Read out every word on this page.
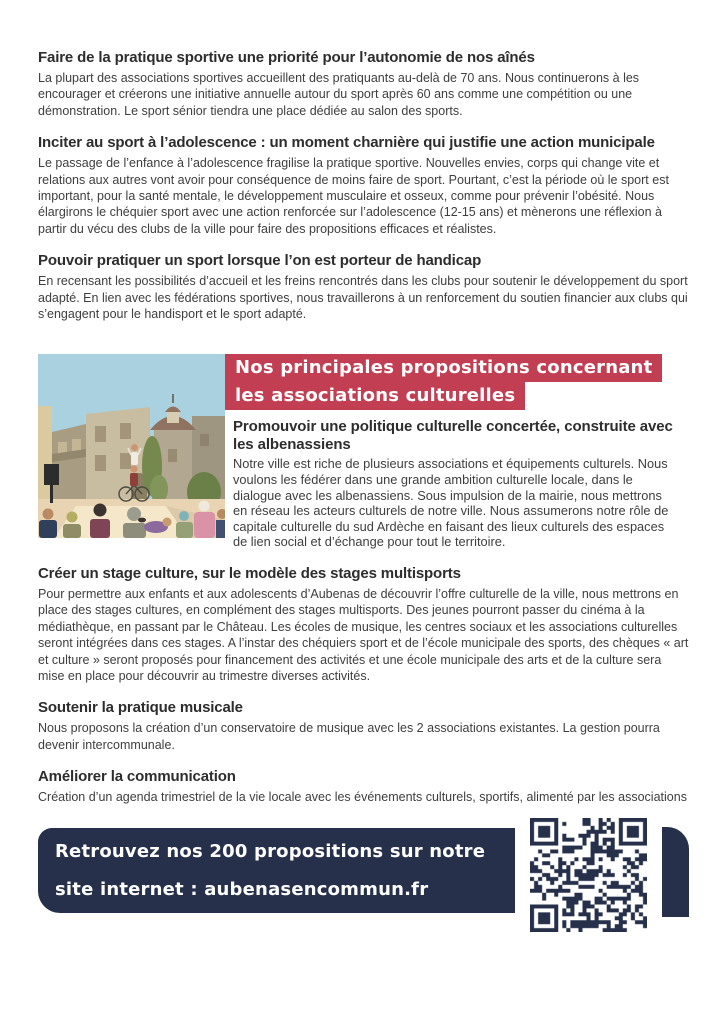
Faire de la pratique sportive une priorité pour l’autonomie de nos aînés

La plupart des associations sportives accueillent des pratiquants au-delà de 70 ans. Nous continuerons à les encourager et créerons une initiative annuelle autour du sport après 60 ans comme une compétition ou une démonstration. Le sport sénior tiendra une place dédiée au salon des sports.

Inciter au sport à l’adolescence : un moment charnière qui justifie une action municipale

Le passage de l’enfance à l’adolescence fragilise la pratique sportive. Nouvelles envies, corps qui change vite et relations aux autres vont avoir pour conséquence de moins faire de sport. Pourtant, c’est la période où le sport est important, pour la santé mentale, le développement musculaire et osseux, comme pour prévenir l’obésité. Nous élargirons le chéquier sport avec une action renforcée sur l’adolescence (12-15 ans) et mènerons une réflexion à partir du vécu des clubs de la ville pour faire des propositions efficaces et réalistes.

Pouvoir pratiquer un sport lorsque l’on est porteur de handicap

En recensant les possibilités d’accueil et les freins rencontrés dans les clubs pour soutenir le développement du sport adapté. En lien avec les fédérations sportives, nous travaillerons à un renforcement du soutien financier aux clubs qui s’engagent pour le handisport et le sport adapté.

Nos principales propositions concernant
les associations culturelles
Promouvoir une politique culturelle concertée, construite avec les albenassiens

Notre ville est riche de plusieurs associations et équipements culturels. Nous voulons les fédérer dans une grande ambition culturelle locale, dans le dialogue avec les albenassiens. Sous impulsion de la mairie, nous mettrons en réseau les acteurs culturels de notre ville. Nous assumerons notre rôle de capitale culturelle du sud Ardèche en faisant des lieux culturels des espaces de lien social et d’échange pour tout le territoire.

Créer un stage culture, sur le modèle des stages multisports

Pour permettre aux enfants et aux adolescents d’Aubenas de découvrir l’offre culturelle de la ville, nous mettrons en place des stages cultures, en complément des stages multisports. Des jeunes pourront passer du cinéma à la médiathèque, en passant par le Château. Les écoles de musique, les centres sociaux et les associations culturelles seront intégrées dans ces stages. A l’instar des chéquiers sport et de l’école municipale des sports, des chèques « art et culture » seront proposés pour financement des activités et une école municipale des arts et de la culture sera mise en place pour découvrir au trimestre diverses activités.

Soutenir la pratique musicale

Nous proposons la création d’un conservatoire de musique avec les 2 associations existantes. La gestion pourra devenir intercommunale.

Améliorer la communication

Création d’un agenda trimestriel de la vie locale avec les événements culturels, sportifs, alimenté par les associations

Retrouvez nos 200 propositions sur notre
site internet : aubenasencommun.fr
